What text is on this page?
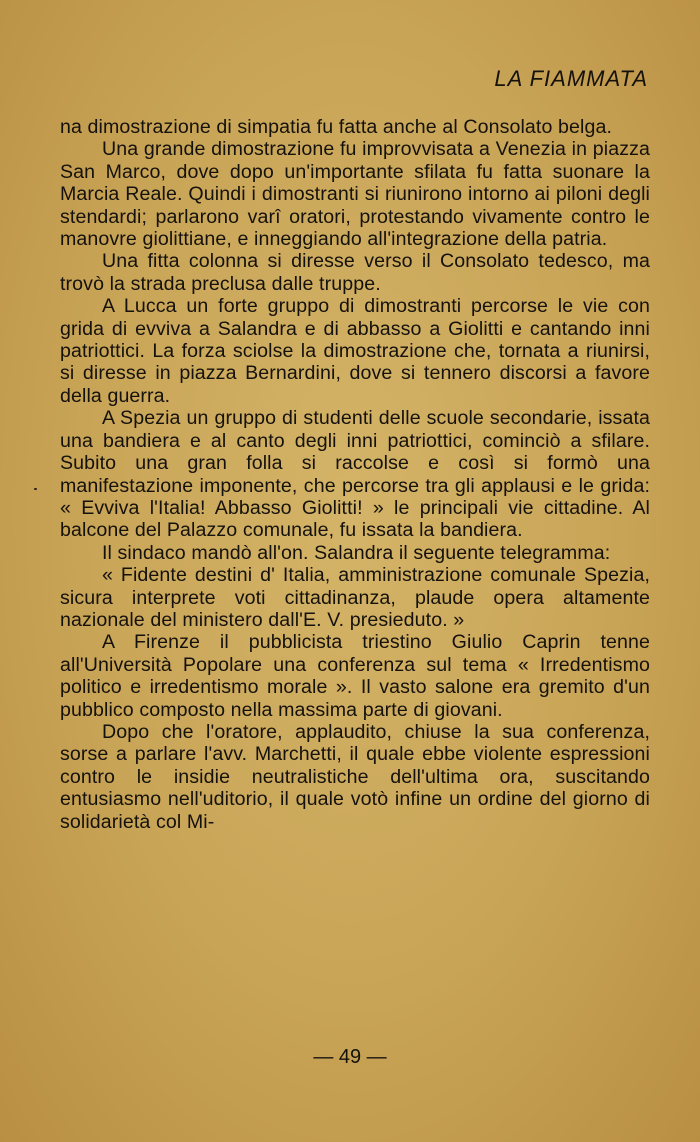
LA FIAMMATA

na dimostrazione di simpatia fu fatta anche al Consolato belga.

Una grande dimostrazione fu improvvisata a Venezia in piazza San Marco, dove dopo un'importante sfilata fu fatta suonare la Marcia Reale. Quindi i dimostranti si riunirono intorno ai piloni degli stendardi; parlarono varî oratori, protestando vivamente contro le manovre giolittiane, e inneggiando all'integrazione della patria.

Una fitta colonna si diresse verso il Consolato tedesco, ma trovò la strada preclusa dalle truppe.

A Lucca un forte gruppo di dimostranti percorse le vie con grida di evviva a Salandra e di abbasso a Giolitti e cantando inni patriottici. La forza sciolse la dimostrazione che, tornata a riunirsi, si diresse in piazza Bernardini, dove si tennero discorsi a favore della guerra.

A Spezia un gruppo di studenti delle scuole secondarie, issata una bandiera e al canto degli inni patriottici, cominciò a sfilare. Subito una gran folla si raccolse e così si formò una manifestazione imponente, che percorse tra gli applausi e le grida: « Evviva l'Italia! Abbasso Giolitti! » le principali vie cittadine. Al balcone del Palazzo comunale, fu issata la bandiera.

Il sindaco mandò all'on. Salandra il seguente telegramma:

« Fidente destini d' Italia, amministrazione comunale Spezia, sicura interprete voti cittadinanza, plaude opera altamente nazionale del ministero dall'E. V. presieduto. »

A Firenze il pubblicista triestino Giulio Caprin tenne all'Università Popolare una conferenza sul tema « Irredentismo politico e irredentismo morale ». Il vasto salone era gremito d'un pubblico composto nella massima parte di giovani.

Dopo che l'oratore, applaudito, chiuse la sua conferenza, sorse a parlare l'avv. Marchetti, il quale ebbe violente espressioni contro le insidie neutralistiche dell'ultima ora, suscitando entusiasmo nell'uditorio, il quale votò infine un ordine del giorno di solidarietà col Mi-

— 49 —
